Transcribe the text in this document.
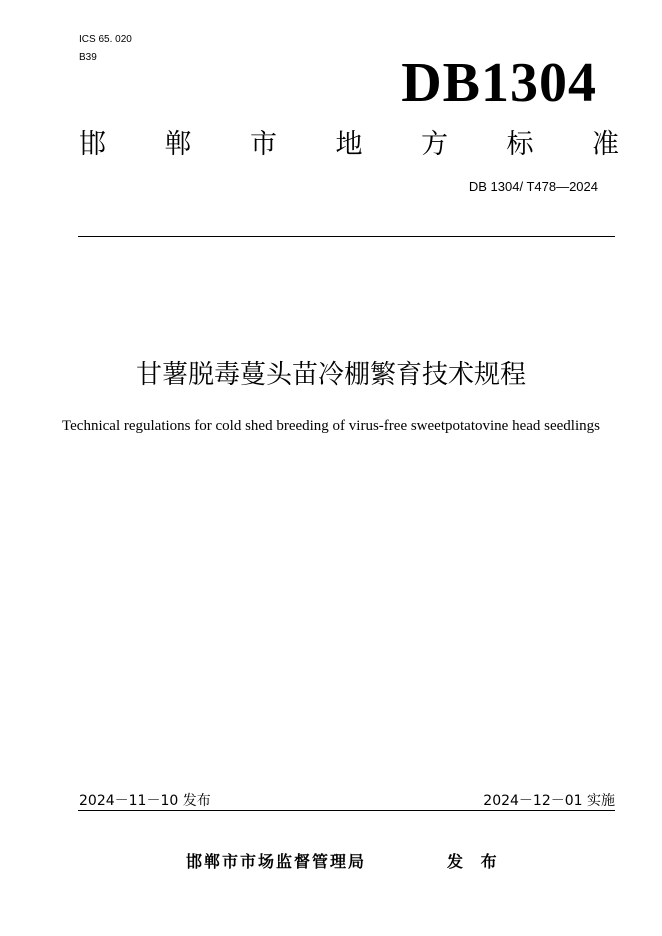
ICS 65. 020
B39	DB1304
邯 郸 市 地 方 标 准
DB 1304/ T478—2024
甘薯脱毒蔓头苗冷棚繁育技术规程
Technical regulations for cold shed breeding of virus-free sweetpotatovine head seedlings
2024－11－10 发布	2024－12－01 实施
邯郸市市场监督管理局	发 布
